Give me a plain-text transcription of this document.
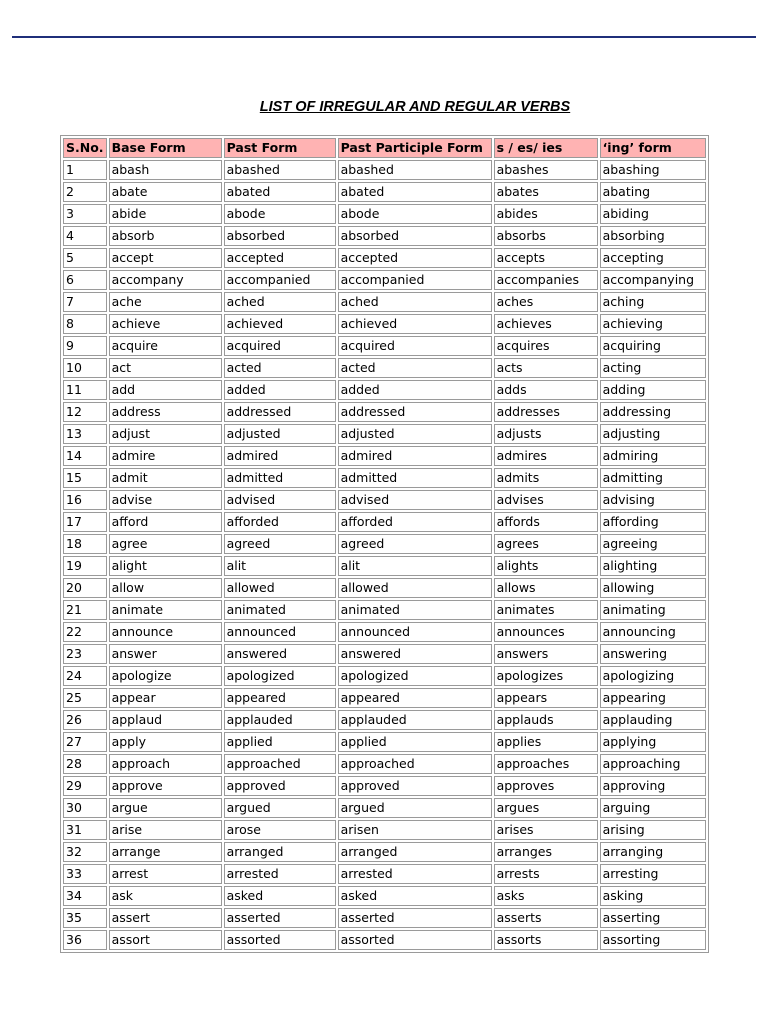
LIST OF IRREGULAR AND REGULAR VERBS
S.No.	Base Form	Past Form	Past Participle Form	s / es/ ies	‘ing’ form
1	abash	abashed	abashed	abashes	abashing
2	abate	abated	abated	abates	abating
3	abide	abode	abode	abides	abiding
4	absorb	absorbed	absorbed	absorbs	absorbing
5	accept	accepted	accepted	accepts	accepting
6	accompany	accompanied	accompanied	accompanies	accompanying
7	ache	ached	ached	aches	aching
8	achieve	achieved	achieved	achieves	achieving
9	acquire	acquired	acquired	acquires	acquiring
10	act	acted	acted	acts	acting
11	add	added	added	adds	adding
12	address	addressed	addressed	addresses	addressing
13	adjust	adjusted	adjusted	adjusts	adjusting
14	admire	admired	admired	admires	admiring
15	admit	admitted	admitted	admits	admitting
16	advise	advised	advised	advises	advising
17	afford	afforded	afforded	affords	affording
18	agree	agreed	agreed	agrees	agreeing
19	alight	alit	alit	alights	alighting
20	allow	allowed	allowed	allows	allowing
21	animate	animated	animated	animates	animating
22	announce	announced	announced	announces	announcing
23	answer	answered	answered	answers	answering
24	apologize	apologized	apologized	apologizes	apologizing
25	appear	appeared	appeared	appears	appearing
26	applaud	applauded	applauded	applauds	applauding
27	apply	applied	applied	applies	applying
28	approach	approached	approached	approaches	approaching
29	approve	approved	approved	approves	approving
30	argue	argued	argued	argues	arguing
31	arise	arose	arisen	arises	arising
32	arrange	arranged	arranged	arranges	arranging
33	arrest	arrested	arrested	arrests	arresting
34	ask	asked	asked	asks	asking
35	assert	asserted	asserted	asserts	asserting
36	assort	assorted	assorted	assorts	assorting
